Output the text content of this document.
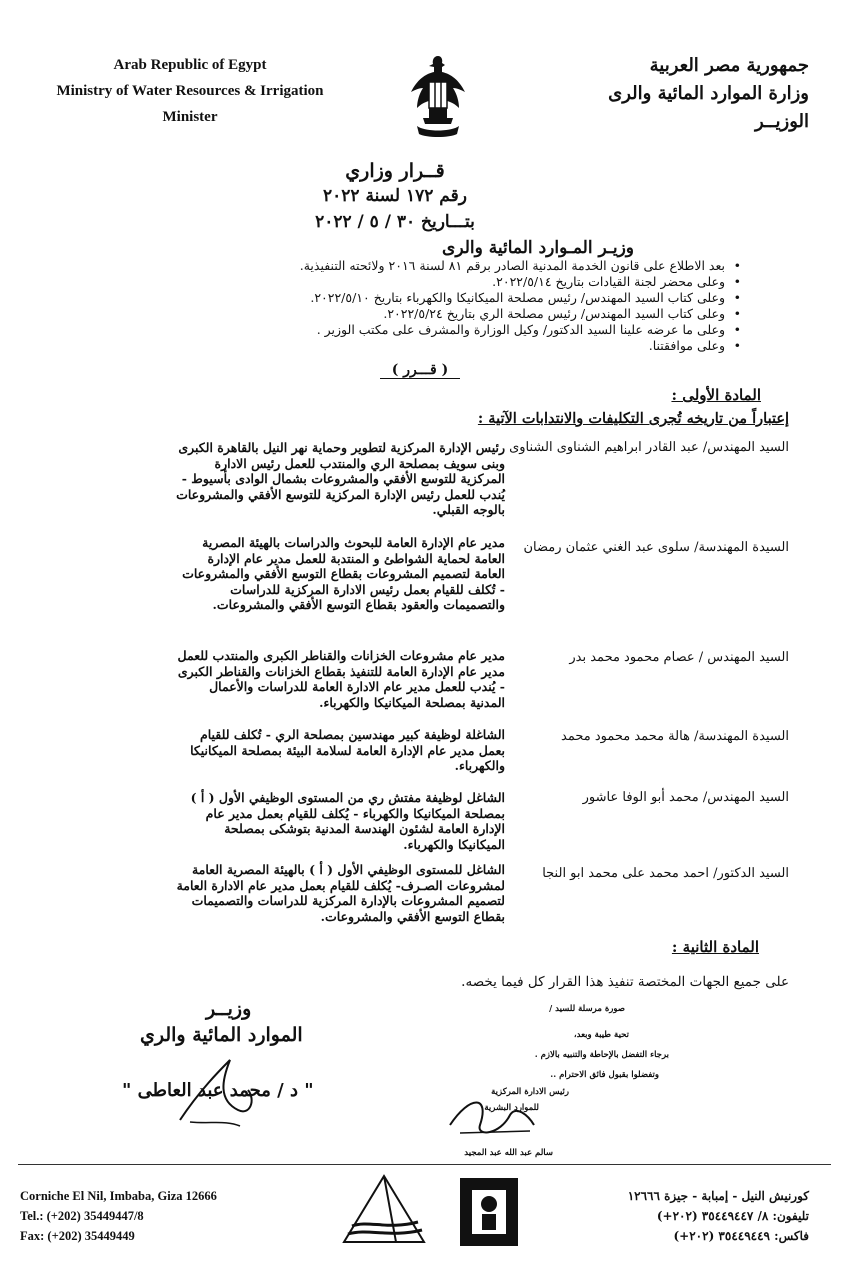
Arab Republic of Egypt
Ministry of Water Resources & Irrigation
Minister
جمهورية مصر العربية
وزارة الموارد المائية والرى
الوزيــر
قــرار وزاري
رقم ١٧٢ لسنة ٢٠٢٢
بتـــاريخ ٣٠ / ٥ / ٢٠٢٢
وزيـر المـوارد المائية والرى
• بعد الاطلاع على قانون الخدمة المدنية الصادر برقم ٨١ لسنة ٢٠١٦ ولائحته التنفيذية.
• وعلى محضر لجنة القيادات بتاريخ ٢٠٢٢/٥/١٤.
• وعلى كتاب السيد المهندس/ رئيس مصلحة الميكانيكا والكهرباء بتاريخ ٢٠٢٢/٥/١٠.
• وعلى كتاب السيد المهندس/ رئيس مصلحة الري بتاريخ ٢٠٢٢/٥/٢٤.
• وعلى ما عرضه علينا السيد الدكتور/ وكيل الوزارة والمشرف على مكتب الوزير .
• وعلى موافقتنا.
( قـــرر )
المادة الأولى :
إعتباراً من تاريخه تُجرى التكليفات والانتدابات الآتية :
السيد المهندس/ عبد القادر ابراهيم الشناوى الشناوى
رئيس الإدارة المركزية لتطوير وحماية نهر النيل بالقاهرة الكبرى وبنى سويف بمصلحة الري والمنتدب للعمل رئيس الادارة المركزية للتوسع الأفقي والمشروعات بشمال الوادى بأسيوط - يُندب للعمل رئيس الإدارة المركزية للتوسع الأفقي والمشروعات بالوجه القبلي.
السيدة المهندسة/ سلوى عبد الغني عثمان رمضان
مدير عام الإدارة العامة للبحوث والدراسات بالهيئة المصرية العامة لحماية الشواطئ و المنتدبة للعمل مدير عام الإدارة العامة لتصميم المشروعات بقطاع التوسع الأفقي والمشروعات - تُكلف للقيام بعمل رئيس الادارة المركزية للدراسات والتصميمات والعقود بقطاع التوسع الأفقي والمشروعات.
السيد المهندس / عصام محمود محمد بدر
مدير عام مشروعات الخزانات والقناطر الكبرى والمنتدب للعمل مدير عام الإدارة العامة للتنفيذ بقطاع الخزانات والقناطر الكبرى - يُندب للعمل مدير عام الادارة العامة للدراسات والأعمال المدنية بمصلحة الميكانيكا والكهرباء.
السيدة المهندسة/ هالة محمد محمود محمد
الشاغلة لوظيفة كبير مهندسين بمصلحة الري - تُكلف للقيام بعمل مدير عام الإدارة العامة لسلامة البيئة بمصلحة الميكانيكا والكهرباء.
السيد المهندس/ محمد أبو الوفا عاشور
الشاغل لوظيفة مفتش ري من المستوى الوظيفي الأول ( أ ) بمصلحة الميكانيكا والكهرباء - يُكلف للقيام بعمل مدير عام الإدارة العامة لشئون الهندسة المدنية بتوشكى بمصلحة الميكانيكا والكهرباء.
السيد الدكتور/ احمد محمد على محمد ابو النجا
الشاغل للمستوى الوظيفي الأول ( أ ) بالهيئة المصرية العامة لمشروعات الصـرف- يُكلف للقيام بعمل مدير عام الادارة العامة لتصميم المشروعات بالإدارة المركزية للدراسات والتصميمات بقطاع التوسع الأفقي والمشروعات.
المادة الثانية :
على جميع الجهات المختصة تنفيذ هذا القرار كل فيما يخصه.
وزيــر
الموارد المائية والري
" د / محمد عبد العاطى "
صورة مرسلة للسيد /
تحية طيبة وبعد،
برجاء التفضل بالإحاطة والتنبيه بالازم .
وتفضلوا بقبول فائق الاحترام ..
رئيس الادارة المركزية
للموارد البشرية
سالم عبد الله عبد المجيد
Corniche El Nil, Imbaba, Giza 12666
Tel.: (+202) 35449447/8
Fax: (+202) 35449449
كورنيش النيل - إمبابة - جيزة ١٢٦٦٦
تليفون: ٨/ ٣٥٤٤٩٤٤٧ (٢٠٢+)
فاكس: ٣٥٤٤٩٤٤٩ (٢٠٢+)
